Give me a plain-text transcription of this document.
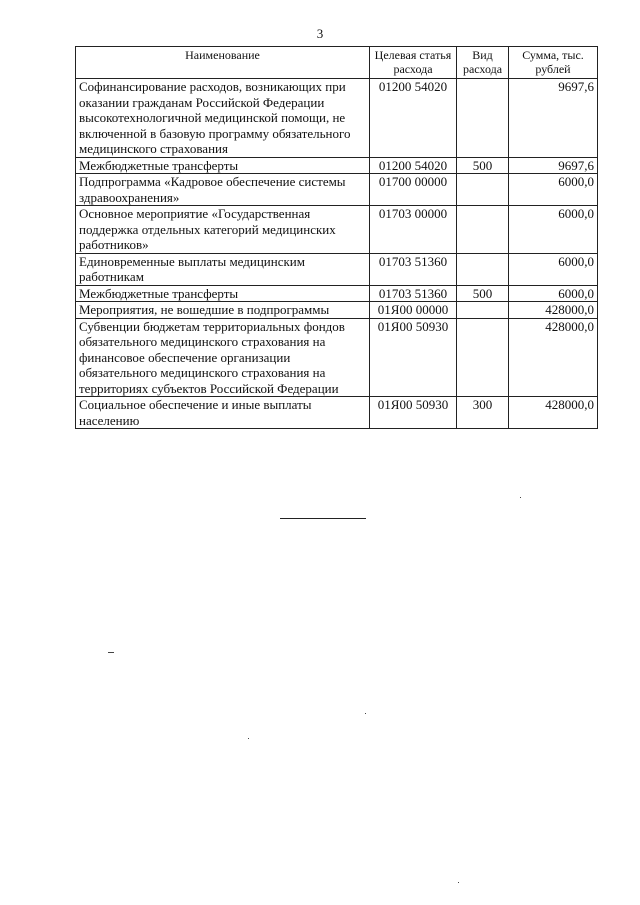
3
Наименование	Целевая статья расхода	Вид расхода	Сумма, тыс. рублей
Софинансирование расходов, возникающих при оказании гражданам Российской Федерации высокотехнологичной медицинской помощи, не включенной в базовую программу обязательного медицинского страхования	01200 54020		9697,6
Межбюджетные трансферты	01200 54020	500	9697,6
Подпрограмма «Кадровое обеспечение системы здравоохранения»	01700 00000		6000,0
Основное мероприятие «Государственная поддержка отдельных категорий медицинских работников»	01703 00000		6000,0
Единовременные выплаты медицинским работникам	01703 51360		6000,0
Межбюджетные трансферты	01703 51360	500	6000,0
Мероприятия, не вошедшие в подпрограммы	01Я00 00000		428000,0
Субвенции бюджетам территориальных фондов обязательного медицинского страхования на финансовое обеспечение организации обязательного медицинского страхования на территориях субъектов Российской Федерации	01Я00 50930		428000,0
Социальное обеспечение и иные выплаты населению	01Я00 50930	300	428000,0
